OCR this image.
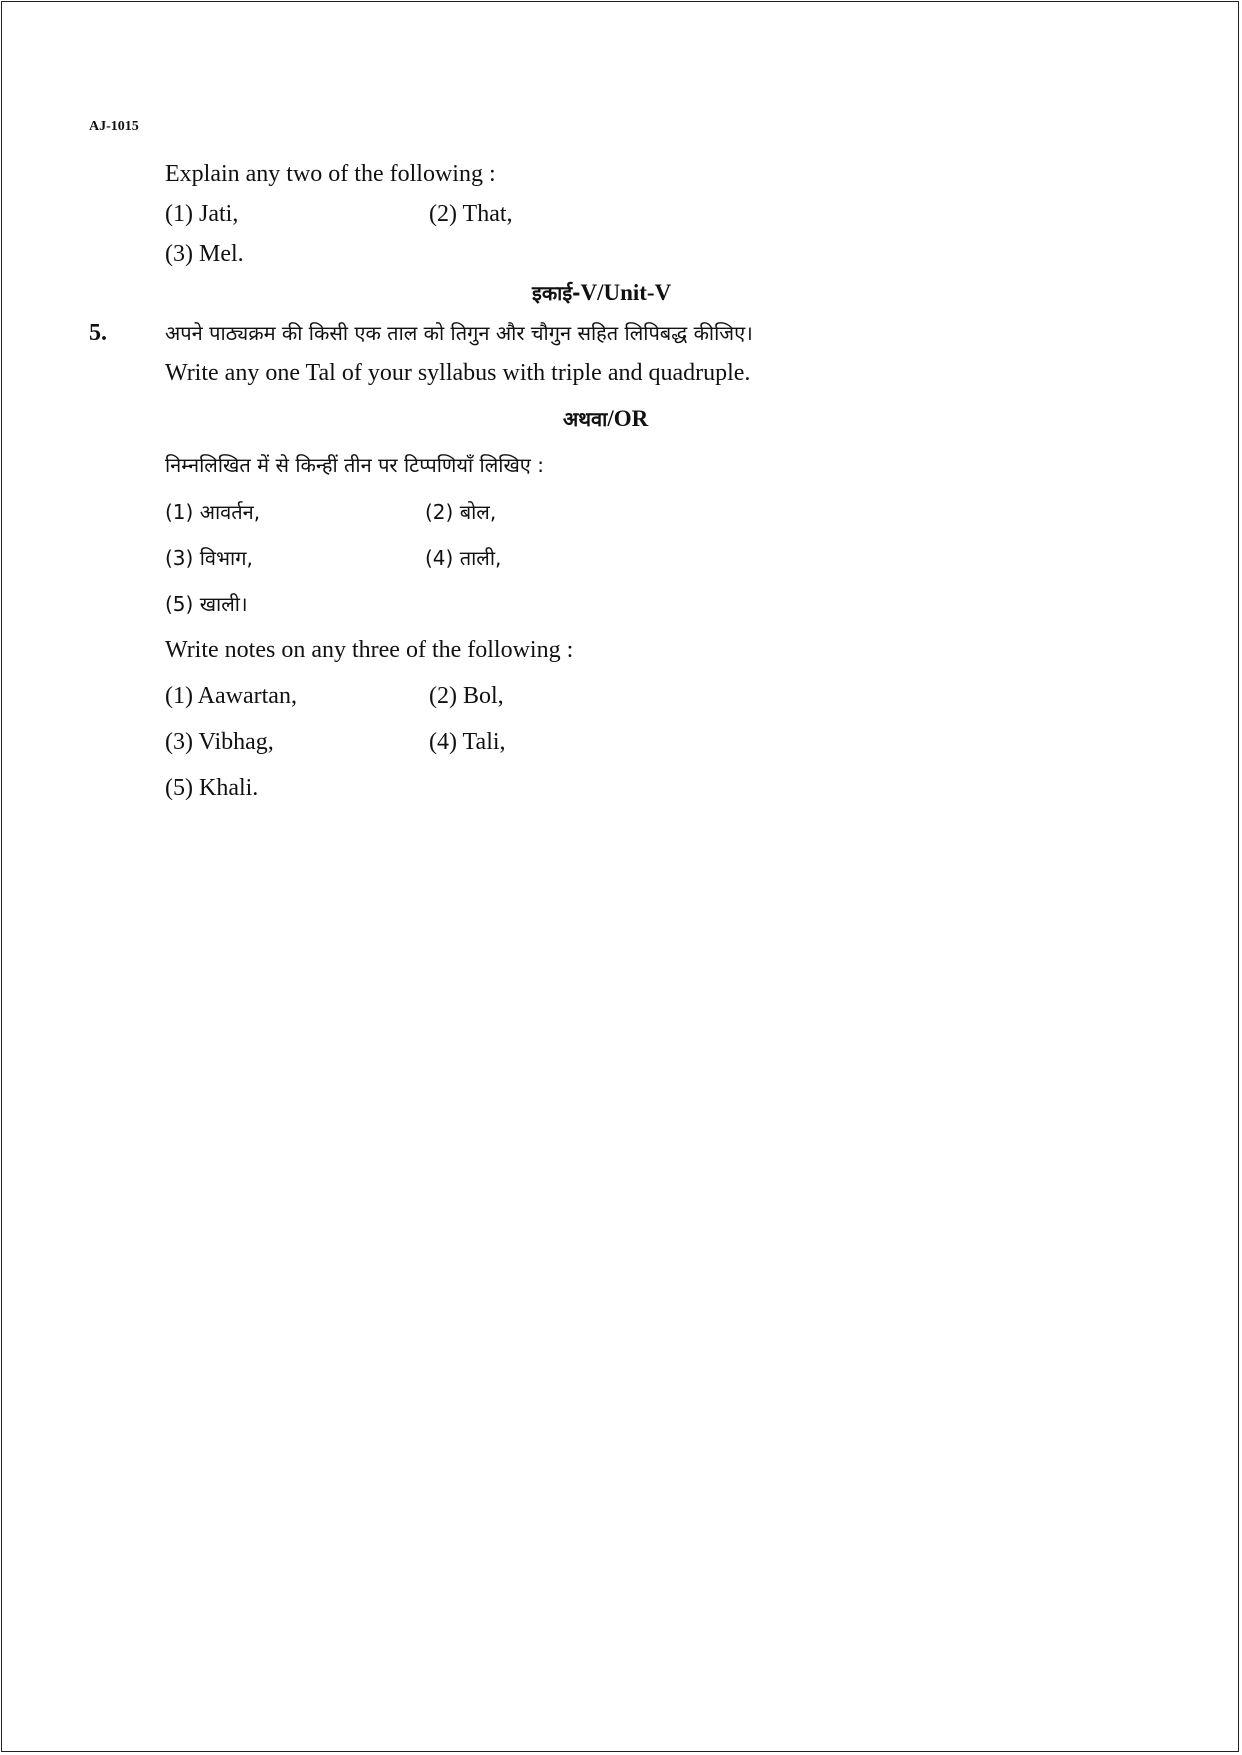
AJ-1015
Explain any two of the following :
(1) Jati,	(2) That,
(3) Mel.
इकाई-V/Unit-V
5.	अपने पाठ्यक्रम की किसी एक ताल को तिगुन और चौगुन सहित लिपिबद्ध कीजिए।
Write any one Tal of your syllabus with triple and quadruple.
अथवा/OR
निम्नलिखित में से किन्हीं तीन पर टिप्पणियाँ लिखिए :
(1) आवर्तन,	(2) बोल,
(3) विभाग,	(4) ताली,
(5) खाली।
Write notes on any three of the following :
(1) Aawartan,	(2) Bol,
(3) Vibhag,	(4) Tali,
(5) Khali.
